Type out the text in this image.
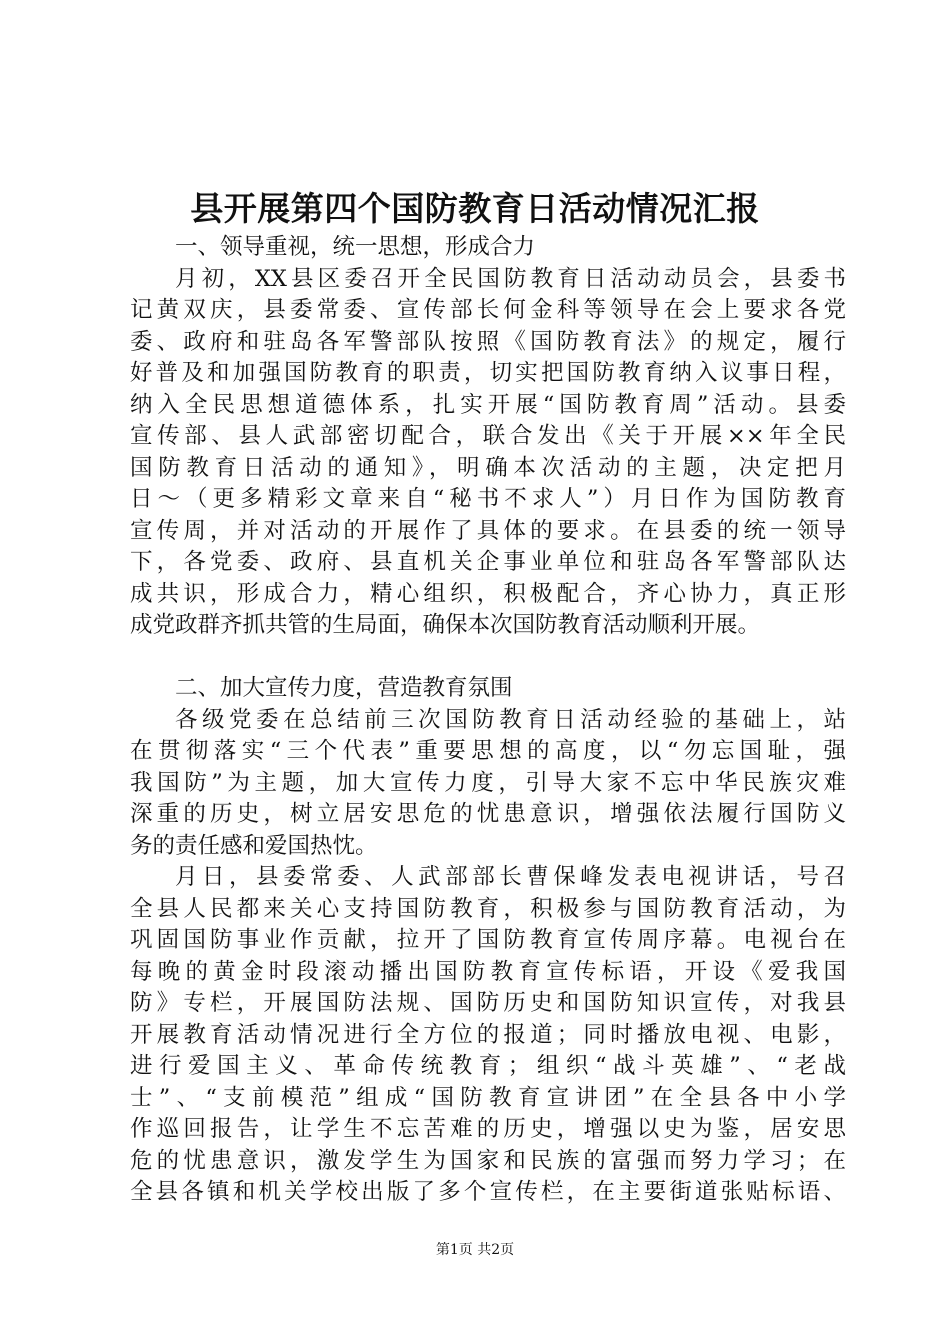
县开展第四个国防教育日活动情况汇报
一、领导重视，统一思想，形成合力
月初，XX县区委召开全民国防教育日活动动员会，县委书
记黄双庆，县委常委、宣传部长何金科等领导在会上要求各党
委、政府和驻岛各军警部队按照《国防教育法》的规定，履行
好普及和加强国防教育的职责，切实把国防教育纳入议事日程，
纳入全民思想道德体系，扎实开展“国防教育周”活动。县委
宣传部、县人武部密切配合，联合发出《关于开展××年全民
国防教育日活动的通知》，明确本次活动的主题，决定把月
日～（更多精彩文章来自“秘书不求人”）月日作为国防教育
宣传周，并对活动的开展作了具体的要求。在县委的统一领导
下，各党委、政府、县直机关企事业单位和驻岛各军警部队达
成共识，形成合力，精心组织，积极配合，齐心协力，真正形
成党政群齐抓共管的生局面，确保本次国防教育活动顺利开展。
二、加大宣传力度，营造教育氛围
各级党委在总结前三次国防教育日活动经验的基础上，站
在贯彻落实“三个代表”重要思想的高度，以“勿忘国耻，强
我国防”为主题，加大宣传力度，引导大家不忘中华民族灾难
深重的历史，树立居安思危的忧患意识，增强依法履行国防义
务的责任感和爱国热忱。
月日，县委常委、人武部部长曹保峰发表电视讲话，号召
全县人民都来关心支持国防教育，积极参与国防教育活动，为
巩固国防事业作贡献，拉开了国防教育宣传周序幕。电视台在
每晚的黄金时段滚动播出国防教育宣传标语，开设《爱我国
防》专栏，开展国防法规、国防历史和国防知识宣传，对我县
开展教育活动情况进行全方位的报道；同时播放电视、电影，
进行爱国主义、革命传统教育；组织“战斗英雄”、“老战
士”、“支前模范”组成“国防教育宣讲团”在全县各中小学
作巡回报告，让学生不忘苦难的历史，增强以史为鉴，居安思
危的忧患意识，激发学生为国家和民族的富强而努力学习；在
全县各镇和机关学校出版了多个宣传栏，在主要街道张贴标语、
第1页 共2页
